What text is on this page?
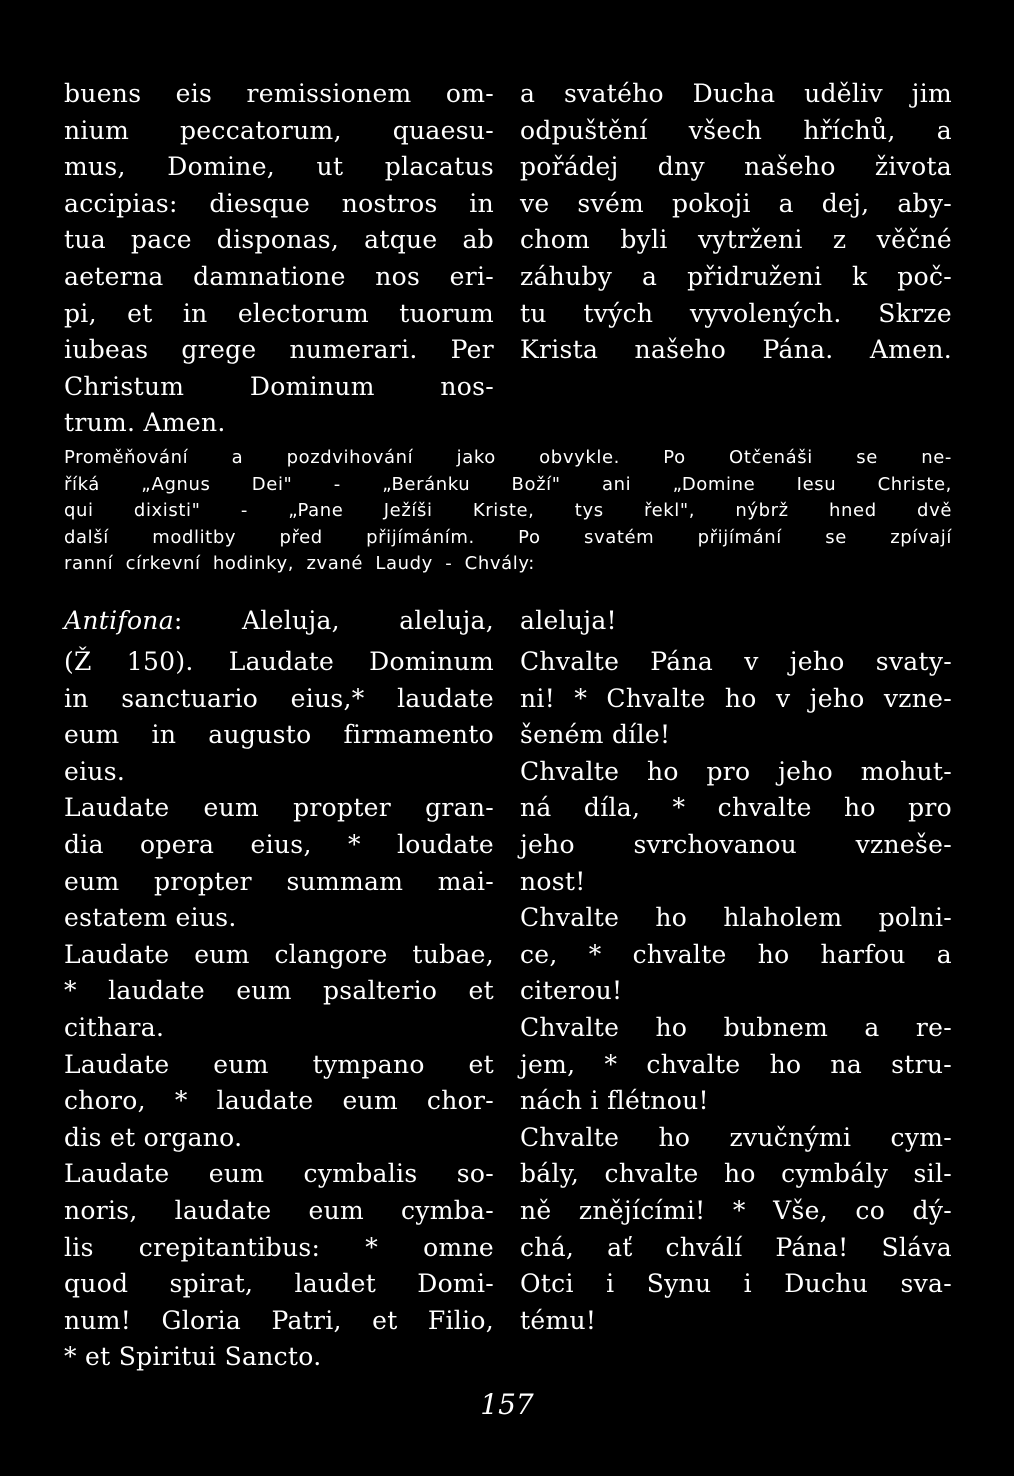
buens eis remissionem om-
nium peccatorum, quaesu-
mus, Domine, ut placatus
accipias: diesque nostros in
tua pace disponas, atque ab
aeterna damnatione nos eri-
pi, et in electorum tuorum
iubeas grege numerari. Per
Christum Dominum nos-
trum. Amen.
a svatého Ducha uděliv jim
odpuštění všech hříchů, a
pořádej dny našeho života
ve svém pokoji a dej, aby-
chom byli vytrženi z věčné
záhuby a přidruženi k poč-
tu tvých vyvolených. Skrze
Krista našeho Pána. Amen.
Proměňování a pozdvihování jako obvykle. Po Otčenáši se ne-
říká „Agnus Dei" - „Beránku Boží" ani „Domine Iesu Christe,
qui dixisti" - „Pane Ježíši Kriste, tys řekl", nýbrž hned dvě
další modlitby před přijímáním. Po svatém přijímání se zpívají
ranní církevní hodinky, zvané Laudy - Chvály:
Antifona: Aleluja, aleluja, aleluja!
(Ž 150). Laudate Dominum
in sanctuario eius,* laudate
eum in augusto firmamento
eius.
Laudate eum propter gran-
dia opera eius, * loudate
eum propter summam mai-
estatem eius.
Laudate eum clangore tubae,
* laudate eum psalterio et
cithara.
Laudate eum tympano et
choro, * laudate eum chor-
dis et organo.
Laudate eum cymbalis so-
noris, laudate eum cymba-
lis crepitantibus: * omne
quod spirat, laudet Domi-
num! Gloria Patri, et Filio,
* et Spiritui Sancto.
Chvalte Pána v jeho svaty-
ni! * Chvalte ho v jeho vzne-
šeném díle!
Chvalte ho pro jeho mohut-
ná díla, * chvalte ho pro
jeho svrchovanou vzneše-
nost!
Chvalte ho hlaholem polni-
ce, * chvalte ho harfou a
citerou!
Chvalte ho bubnem a re-
jem, * chvalte ho na stru-
nách i flétnou!
Chvalte ho zvučnými cym-
bály, chvalte ho cymbály sil-
ně znějícími! * Vše, co dý-
chá, ať chválí Pána! Sláva
Otci i Synu i Duchu sva-
tému!
157
